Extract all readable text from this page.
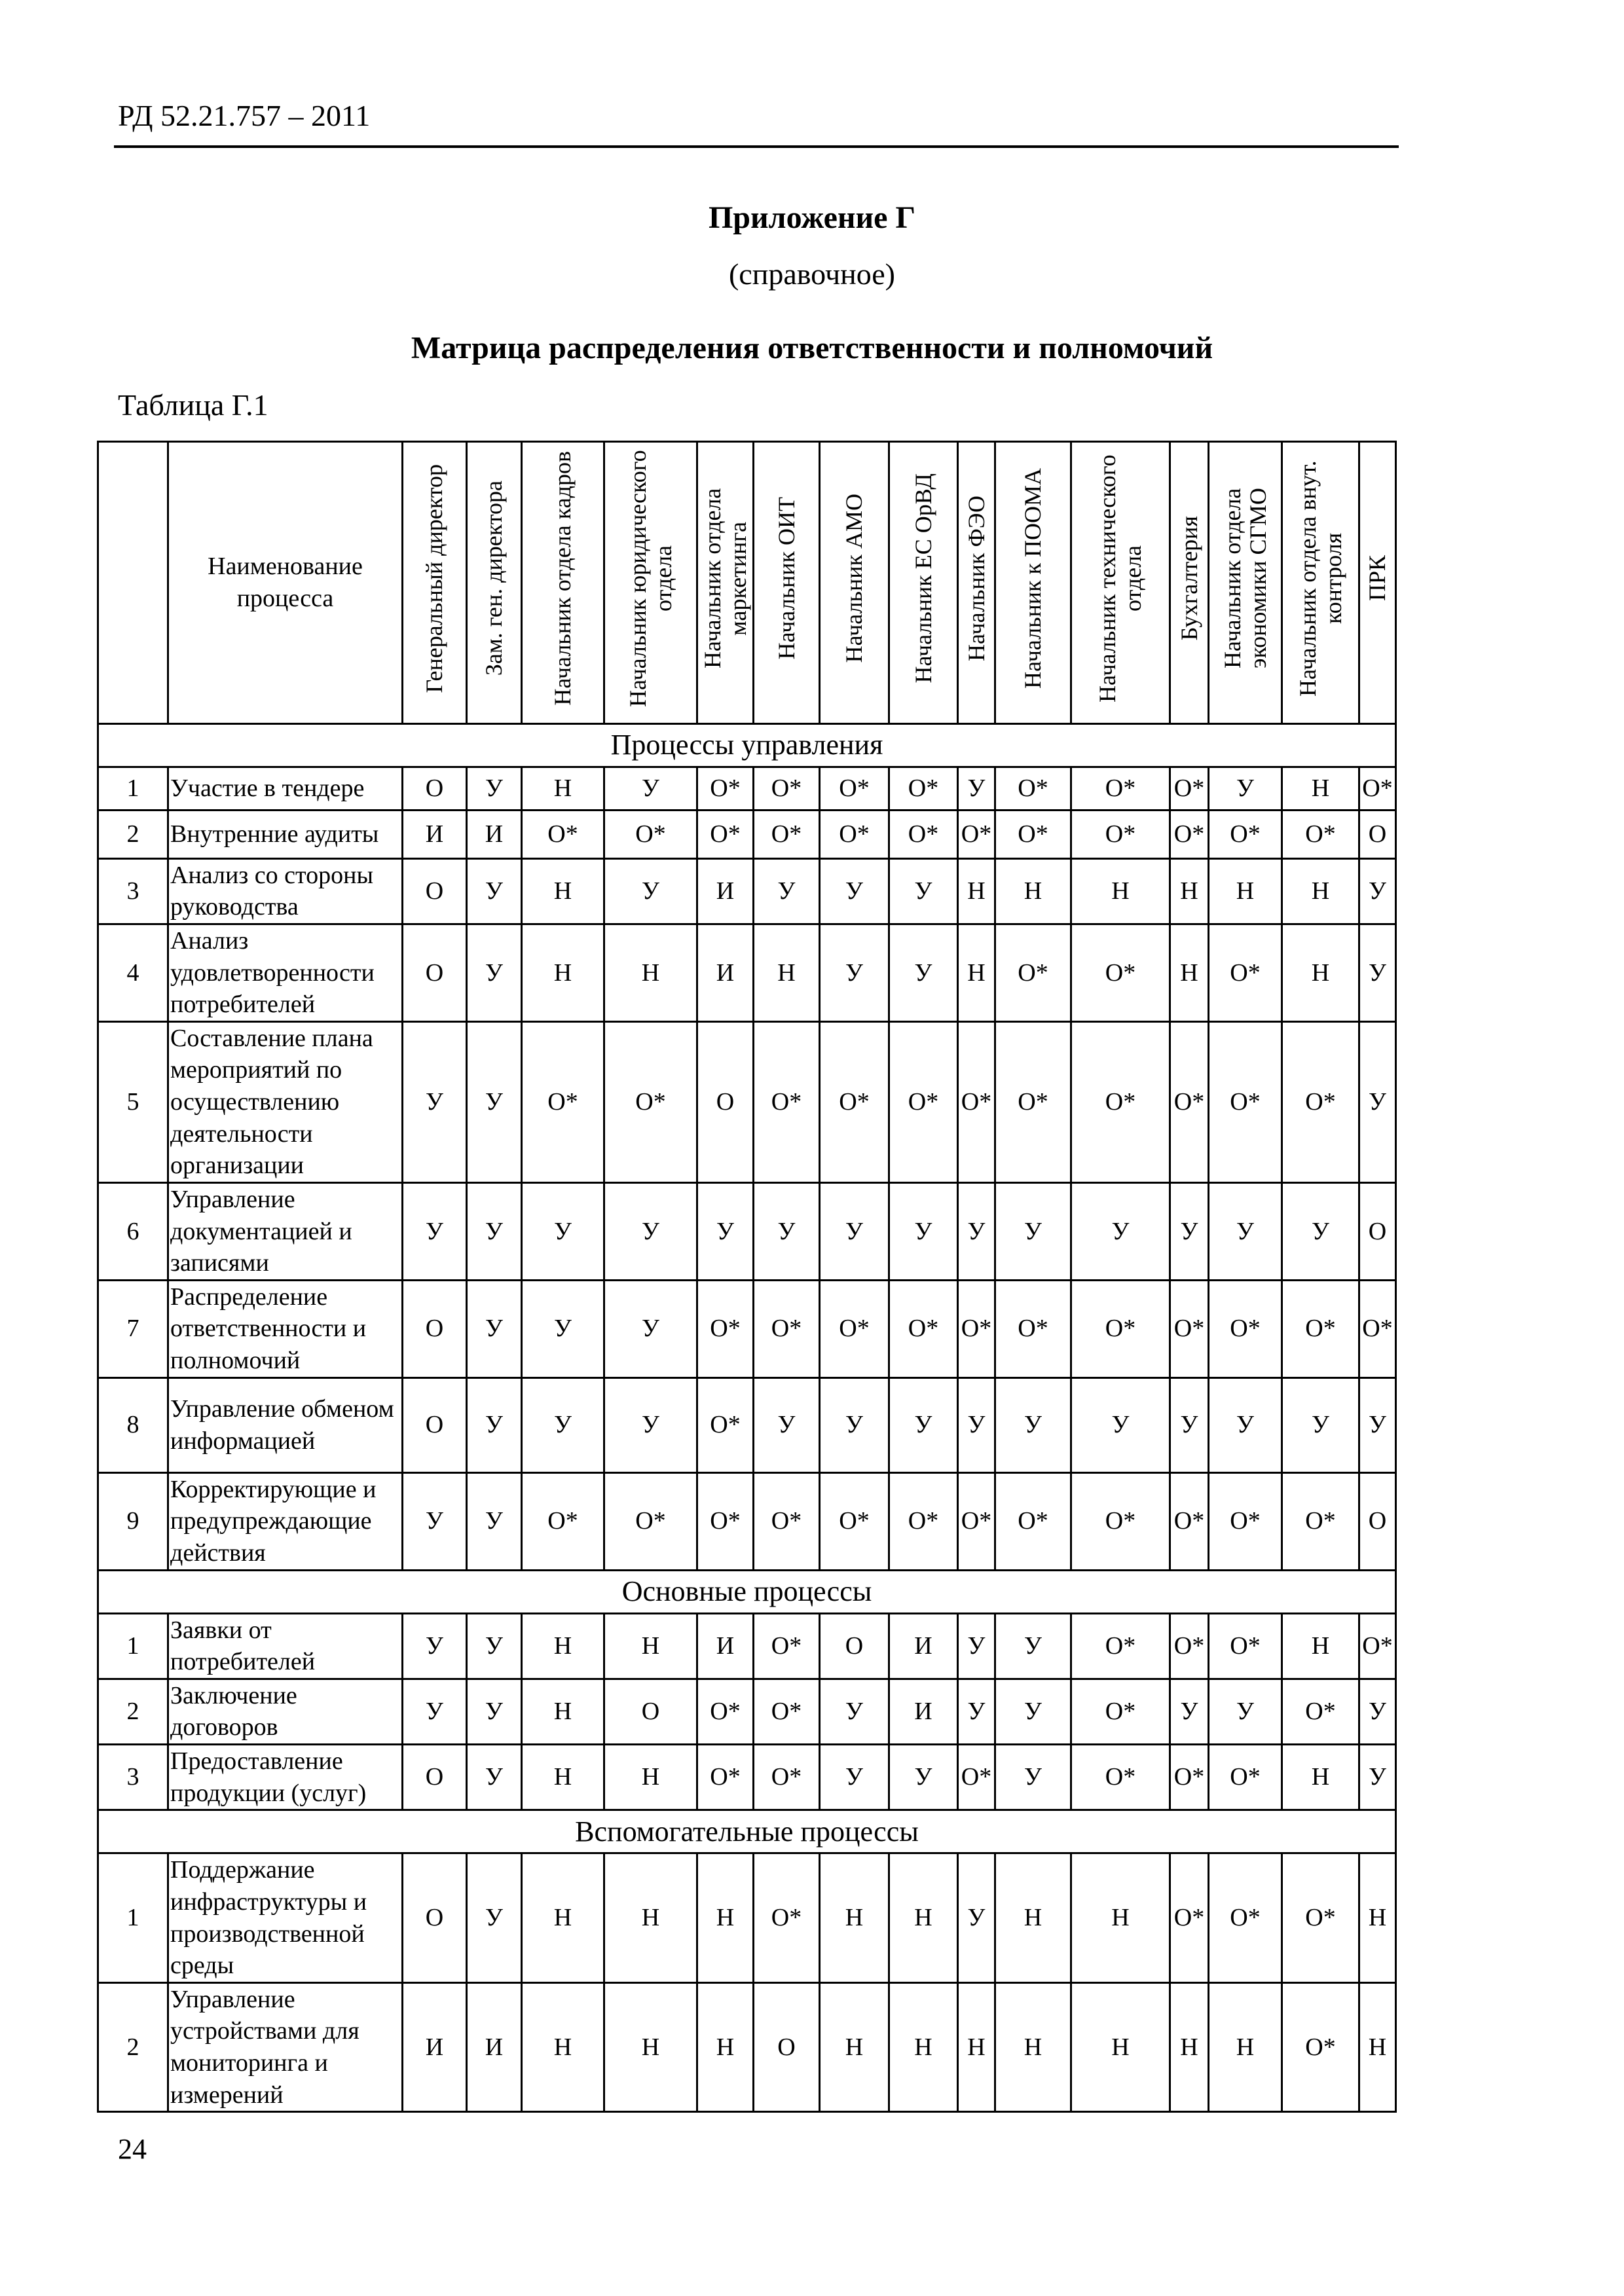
РД 52.21.757 – 2011
Приложение Г
(справочное)
Матрица распределения ответственности и полномочий
Таблица Г.1
	Наименование процесса	Генеральный директор	Зам. ген. директора	Начальник отдела кадров	Начальник юридического отдела	Начальник отдела маркетинга	Начальник ОИТ	Начальник АМО	Начальник ЕС ОрВД	Начальник ФЭО	Начальник к ПООМА	Начальник технического отдела	Бухгалтерия	Начальник отдела экономики СГМО	Начальник отдела внут. контроля	ПРК
Процессы управления																
1	Участие в тендере	О	У	Н	У	О*	О*	О*	О*	У	О*	О*	О*	У	Н	О*
2	Внутренние аудиты	И	И	О*	О*	О*	О*	О*	О*	О*	О*	О*	О*	О*	О*	О
3	Анализ со стороны руководства	О	У	Н	У	И	У	У	У	Н	Н	Н	Н	Н	Н	У
4	Анализ удовлетворенности потребителей	О	У	Н	Н	И	Н	У	У	Н	О*	О*	Н	О*	Н	У
5	Составление плана мероприятий по осуществлению деятельности организации	У	У	О*	О*	О	О*	О*	О*	О*	О*	О*	О*	О*	О*	У
6	Управление документацией и записями	У	У	У	У	У	У	У	У	У	У	У	У	У	У	О
7	Распределение ответственности и полномочий	О	У	У	У	О*	О*	О*	О*	О*	О*	О*	О*	О*	О*	О*
8	Управление обменом информацией	О	У	У	У	О*	У	У	У	У	У	У	У	У	У	У
9	Корректирующие и предупреждающие действия	У	У	О*	О*	О*	О*	О*	О*	О*	О*	О*	О*	О*	О*	О
Основные процессы																
1	Заявки от потребителей	У	У	Н	Н	И	О*	О	И	У	У	О*	О*	О*	Н	О*
2	Заключение договоров	У	У	Н	О	О*	О*	У	И	У	У	О*	У	У	О*	У
3	Предоставление продукции (услуг)	О	У	Н	Н	О*	О*	У	У	О*	У	О*	О*	О*	Н	У
Вспомогательные процессы																
1	Поддержание инфраструктуры и производственной среды	О	У	Н	Н	Н	О*	Н	Н	У	Н	Н	О*	О*	О*	Н
2	Управление устройствами для мониторинга и измерений	И	И	Н	Н	Н	О	Н	Н	Н	Н	Н	Н	Н	О*	Н
24
